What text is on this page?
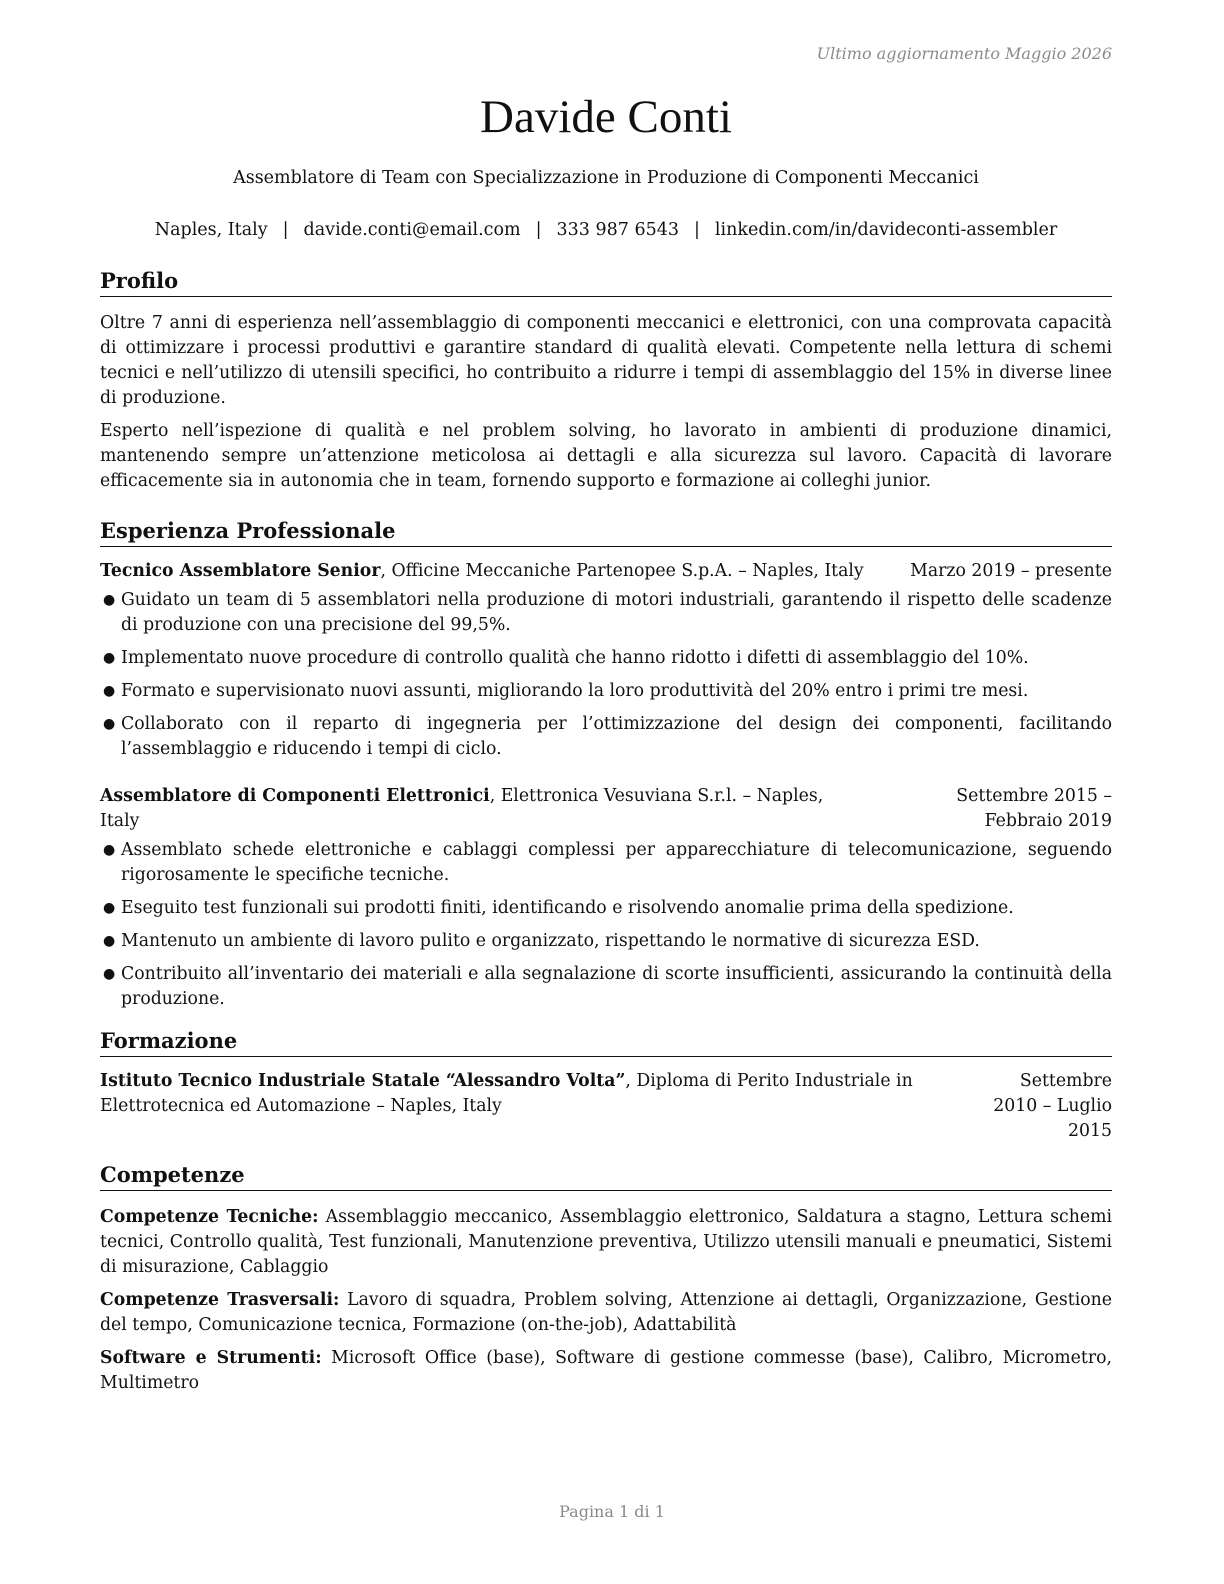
Ultimo aggiornamento Maggio 2026
Davide Conti
Assemblatore di Team con Specializzazione in Produzione di Componenti Meccanici
Naples, Italy | davide.conti@email.com | 333 987 6543 | linkedin.com/in/davideconti-assembler
Profilo

Oltre 7 anni di esperienza nell’assemblaggio di componenti meccanici e elettronici, con una comprovata capacità di ottimizzare i processi produttivi e garantire standard di qualità elevati. Competente nella lettura di schemi tecnici e nell’utilizzo di utensili specifici, ho contribuito a ridurre i tempi di assemblaggio del 15% in diverse linee di produzione.

Esperto nell’ispezione di qualità e nel problem solving, ho lavorato in ambienti di produzione dinamici, mantenendo sempre un’attenzione meticolosa ai dettagli e alla sicurezza sul lavoro. Capacità di lavorare efficacemente sia in autonomia che in team, fornendo supporto e formazione ai colleghi junior.

Esperienza Professionale
Tecnico Assemblatore Senior, Officine Meccaniche Partenopee S.p.A. – Naples, Italy	Marzo 2019 – presente
● Guidato un team di 5 assemblatori nella produzione di motori industriali, garantendo il rispetto delle scadenze di produzione con una precisione del 99,5%.
● Implementato nuove procedure di controllo qualità che hanno ridotto i difetti di assemblaggio del 10%.
● Formato e supervisionato nuovi assunti, migliorando la loro produttività del 20% entro i primi tre mesi.
● Collaborato con il reparto di ingegneria per l’ottimizzazione del design dei componenti, facilitando l’assemblaggio e riducendo i tempi di ciclo.
Assemblatore di Componenti Elettronici, Elettronica Vesuviana S.r.l. – Naples, Italy
Settembre 2015 – Febbraio 2019
● Assemblato schede elettroniche e cablaggi complessi per apparecchiature di telecomunicazione, seguendo rigorosamente le specifiche tecniche.
● Eseguito test funzionali sui prodotti finiti, identificando e risolvendo anomalie prima della spedizione.
● Mantenuto un ambiente di lavoro pulito e organizzato, rispettando le normative di sicurezza ESD.
● Contribuito all’inventario dei materiali e alla segnalazione di scorte insufficienti, assicurando la continuità della produzione.
Formazione
Istituto Tecnico Industriale Statale “Alessandro Volta”, Diploma di Perito Industriale in Elettrotecnica ed Automazione – Naples, Italy
Settembre 2010 – Luglio 2015
Competenze
Competenze Tecniche: Assemblaggio meccanico, Assemblaggio elettronico, Saldatura a stagno, Lettura schemi tecnici, Controllo qualità, Test funzionali, Manutenzione preventiva, Utilizzo utensili manuali e pneumatici, Sistemi di misurazione, Cablaggio
Competenze Trasversali: Lavoro di squadra, Problem solving, Attenzione ai dettagli, Organizzazione, Gestione del tempo, Comunicazione tecnica, Formazione (on-the-job), Adattabilità
Software e Strumenti: Microsoft Office (base), Software di gestione commesse (base), Calibro, Micrometro, Multimetro
Pagina 1 di 1
